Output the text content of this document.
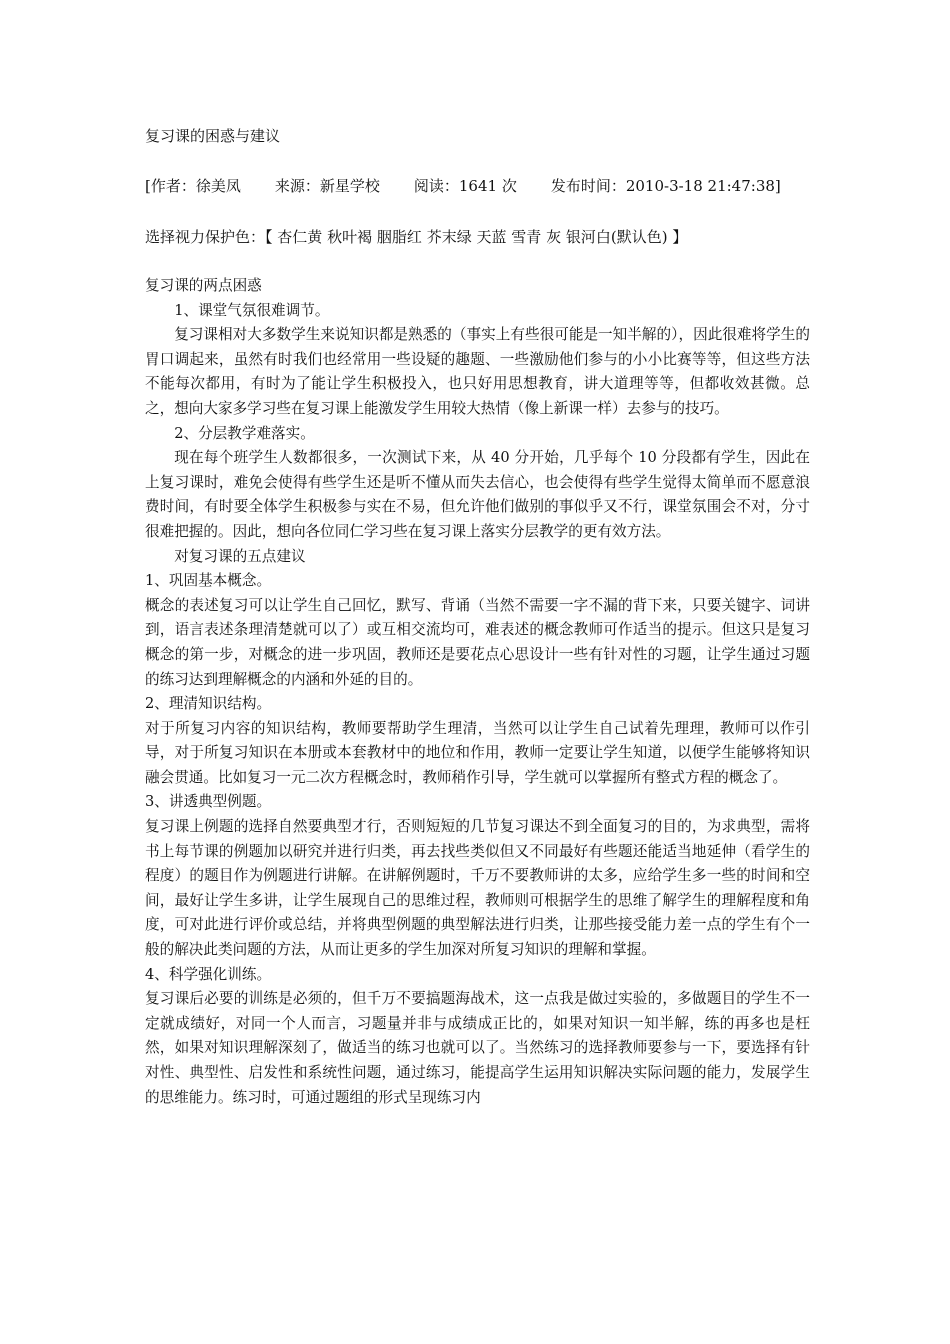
复习课的困惑与建议
[作者：徐美凤 来源：新星学校 阅读：1641 次 发布时间：2010-3-18 21:47:38]
选择视力保护色：【 杏仁黄 秋叶褐 胭脂红 芥末绿 天蓝 雪青 灰 银河白(默认色) 】

复习课的两点困惑

1、课堂气氛很难调节。

复习课相对大多数学生来说知识都是熟悉的（事实上有些很可能是一知半解的），因此很难将学生的胃口调起来，虽然有时我们也经常用一些设疑的趣题、一些激励他们参与的小小比赛等等，但这些方法不能每次都用，有时为了能让学生积极投入，也只好用思想教育，讲大道理等等，但都收效甚微。总之，想向大家多学习些在复习课上能激发学生用较大热情（像上新课一样）去参与的技巧。

2、分层教学难落实。

现在每个班学生人数都很多，一次测试下来，从 40 分开始，几乎每个 10 分段都有学生，因此在上复习课时，难免会使得有些学生还是听不懂从而失去信心，也会使得有些学生觉得太简单而不愿意浪费时间，有时要全体学生积极参与实在不易，但允许他们做别的事似乎又不行，课堂氛围会不对，分寸很难把握的。因此，想向各位同仁学习些在复习课上落实分层教学的更有效方法。

对复习课的五点建议

1、巩固基本概念。

概念的表述复习可以让学生自己回忆，默写、背诵（当然不需要一字不漏的背下来，只要关键字、词讲到，语言表述条理清楚就可以了）或互相交流均可，难表述的概念教师可作适当的提示。但这只是复习概念的第一步，对概念的进一步巩固，教师还是要花点心思设计一些有针对性的习题，让学生通过习题的练习达到理解概念的内涵和外延的目的。

2、理清知识结构。

对于所复习内容的知识结构，教师要帮助学生理清，当然可以让学生自己试着先理理，教师可以作引导，对于所复习知识在本册或本套教材中的地位和作用，教师一定要让学生知道，以便学生能够将知识融会贯通。比如复习一元二次方程概念时，教师稍作引导，学生就可以掌握所有整式方程的概念了。

3、讲透典型例题。

复习课上例题的选择自然要典型才行，否则短短的几节复习课达不到全面复习的目的，为求典型，需将书上每节课的例题加以研究并进行归类，再去找些类似但又不同最好有些题还能适当地延伸（看学生的程度）的题目作为例题进行讲解。在讲解例题时，千万不要教师讲的太多，应给学生多一些的时间和空间，最好让学生多讲，让学生展现自己的思维过程，教师则可根据学生的思维了解学生的理解程度和角度，可对此进行评价或总结，并将典型例题的典型解法进行归类，让那些接受能力差一点的学生有个一般的解决此类问题的方法，从而让更多的学生加深对所复习知识的理解和掌握。

4、科学强化训练。

复习课后必要的训练是必须的，但千万不要搞题海战术，这一点我是做过实验的，多做题目的学生不一定就成绩好，对同一个人而言，习题量并非与成绩成正比的，如果对知识一知半解，练的再多也是枉然，如果对知识理解深刻了，做适当的练习也就可以了。当然练习的选择教师要参与一下，要选择有针对性、典型性、启发性和系统性问题，通过练习，能提高学生运用知识解决实际问题的能力，发展学生的思维能力。练习时，可通过题组的形式呈现练习内
